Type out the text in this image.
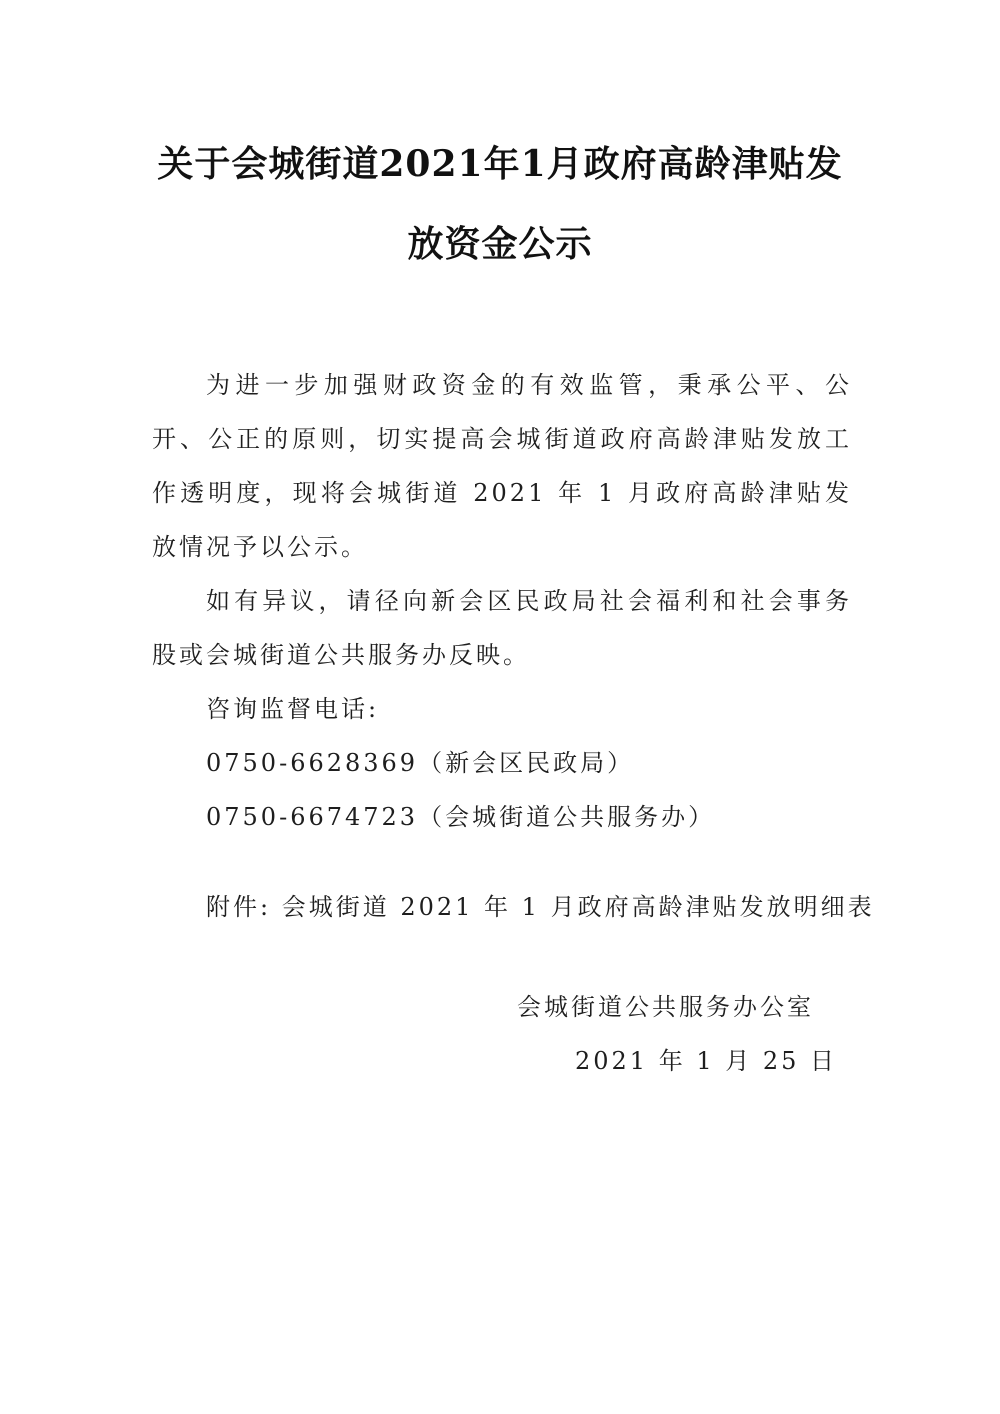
关于会城街道2021年1月政府高龄津贴发
放资金公示

为进一步加强财政资金的有效监管，秉承公平、公开、公正的原则，切实提高会城街道政府高龄津贴发放工作透明度，现将会城街道 2021 年 1 月政府高龄津贴发放情况予以公示。

如有异议，请径向新会区民政局社会福利和社会事务股或会城街道公共服务办反映。

咨询监督电话:

0750-6628369（新会区民政局）

0750-6674723（会城街道公共服务办）

附件: 会城街道 2021 年 1 月政府高龄津贴发放明细表

会城街道公共服务办公室

2021 年 1 月 25 日
